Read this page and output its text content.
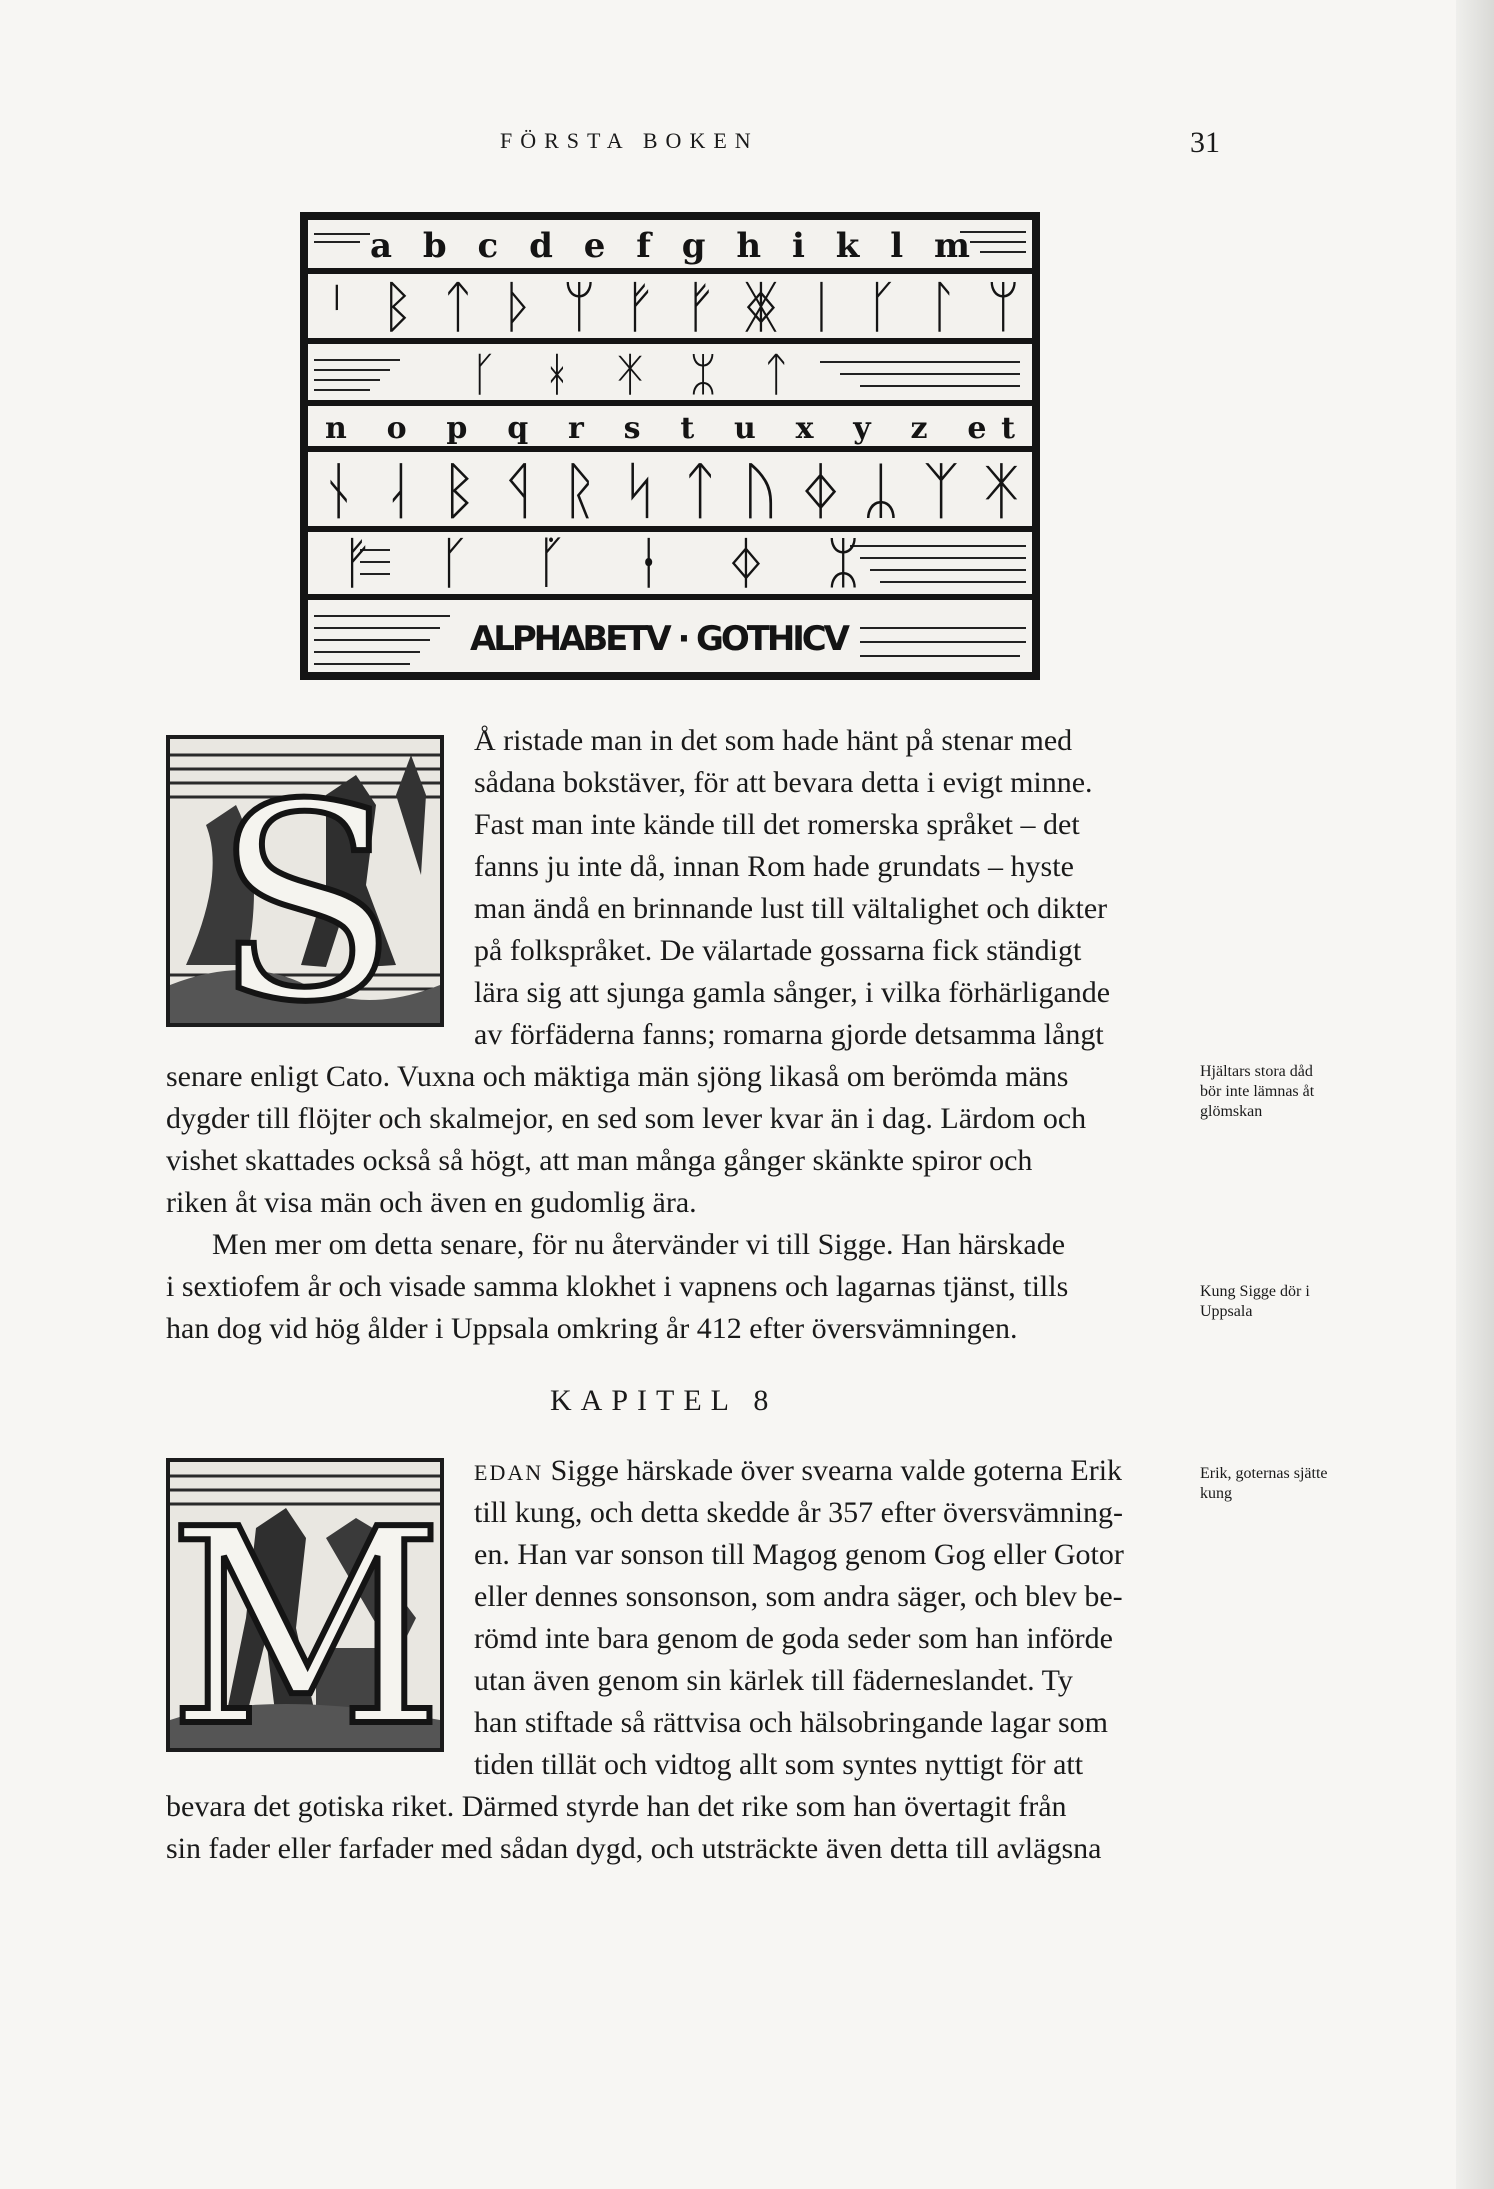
FÖRSTA BOKEN	31
a b c d e f g h i k l m
ᛌ ᛒ ᛏ ᚦ ᛘ ᚠ ᚠ ᛤ ᛁ ᚴ ᛚ ᛘ
ᚴ ᚼ ᛡ ᛯ ᛏ
n o p q r s t u x y z et
ᚾ ᛆ ᛒ ᛩ ᚱ ᛋ ᛏ ᚢ ᛄ ᛦ ᛉ ᛡ
ᚠ ᚴ ᚵ ᛂ ᛄ ᛯ
ALPHABETV · GOTHICV
S
M
Å ristade man in det som hade hänt på stenar med
sådana bokstäver, för att bevara detta i evigt minne.
Fast man inte kände till det romerska språket – det
fanns ju inte då, innan Rom hade grundats – hyste
man ändå en brinnande lust till vältalighet och dikter
på folkspråket. De välartade gossarna fick ständigt
lära sig att sjunga gamla sånger, i vilka förhärligande
av förfäderna fanns; romarna gjorde detsamma långt
senare enligt Cato. Vuxna och mäktiga män sjöng likaså om berömda mäns
dygder till flöjter och skalmejor, en sed som lever kvar än i dag. Lärdom och
vishet skattades också så högt, att man många gånger skänkte spiror och
riken åt visa män och även en gudomlig ära.
Men mer om detta senare, för nu återvänder vi till Sigge. Han härskade
i sextiofem år och visade samma klokhet i vapnens och lagarnas tjänst, tills
han dog vid hög ålder i Uppsala omkring år 412 efter översvämningen.
KAPITEL 8
EDAN Sigge härskade över svearna valde goterna Erik
till kung, och detta skedde år 357 efter översvämning-
en. Han var sonson till Magog genom Gog eller Gotor
eller dennes sonsonson, som andra säger, och blev be-
römd inte bara genom de goda seder som han införde
utan även genom sin kärlek till fäderneslandet. Ty
han stiftade så rättvisa och hälsobringande lagar som
tiden tillät och vidtog allt som syntes nyttigt för att
bevara det gotiska riket. Därmed styrde han det rike som han övertagit från
sin fader eller farfader med sådan dygd, och utsträckte även detta till avlägsna
Hjältars stora dåd
bör inte lämnas åt
glömskan
Kung Sigge dör i
Uppsala
Erik, goternas sjätte
kung
